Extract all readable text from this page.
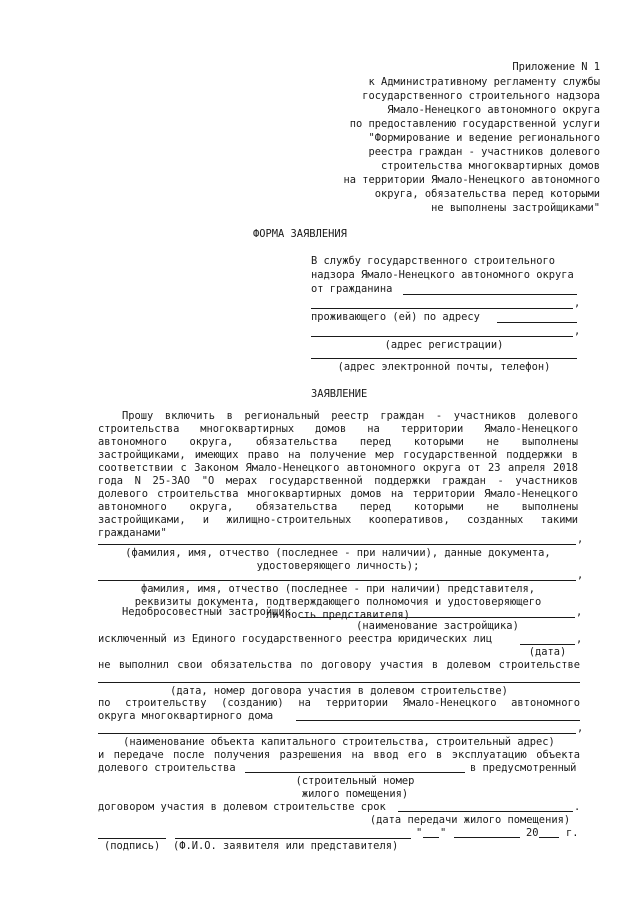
Приложение N 1
к Административному регламенту службы
государственного строительного надзора
Ямало-Ненецкого автономного округа
по предоставлению государственной услуги
"Формирование и ведение регионального
реестра граждан - участников долевого
строительства многоквартирных домов
на территории Ямало-Ненецкого автономного
округа, обязательства перед которыми
не выполнены застройщиками"
ФОРМА ЗАЯВЛЕНИЯ
В службу государственного строительного
надзора Ямало-Ненецкого автономного округа
от гражданина
,
проживающего (ей) по адресу
,
(адрес регистрации)
(адрес электронной почты, телефон)
ЗАЯВЛЕНИЕ
Прошу включить в региональный реестр граждан - участников долевого
строительства многоквартирных домов на территории Ямало-Ненецкого
автономного округа, обязательства перед которыми не выполнены
застройщиками, имеющих право на получение мер государственной поддержки в
соответствии с Законом Ямало-Ненецкого автономного округа от 23 апреля 2018
года N 25-ЗАО "О мерах государственной поддержки граждан - участников
долевого строительства многоквартирных домов на территории Ямало-Ненецкого
автономного округа, обязательства перед которыми не выполнены
застройщиками, и жилищно-строительных кооперативов, созданных такими
гражданами"	,
(фамилия, имя, отчество (последнее - при наличии), данные документа,
удостоверяющего личность);
,
фамилия, имя, отчество (последнее - при наличии) представителя,
реквизиты документа, подтверждающего полномочия и удостоверяющего
личность представителя)
Недобросовестный застройщик	,
(наименование застройщика)
исключенный из Единого государственного реестра юридических лиц	,
(дата)
не выполнил свои обязательства по договору участия в долевом строительстве
(дата, номер договора участия в долевом строительстве)
по строительству (созданию) на территории Ямало-Ненецкого автономного
округа многоквартирного дома
,
(наименование объекта капитального строительства, строительный адрес)
и передаче после получения разрешения на ввод его в эксплуатацию объекта
долевого строительства	в предусмотренный
(строительный номер
жилого помещения)
договором участия в долевом строительстве срок	.
(дата передачи жилого помещения)
" "	20	г.
(подпись) (Ф.И.О. заявителя или представителя)
